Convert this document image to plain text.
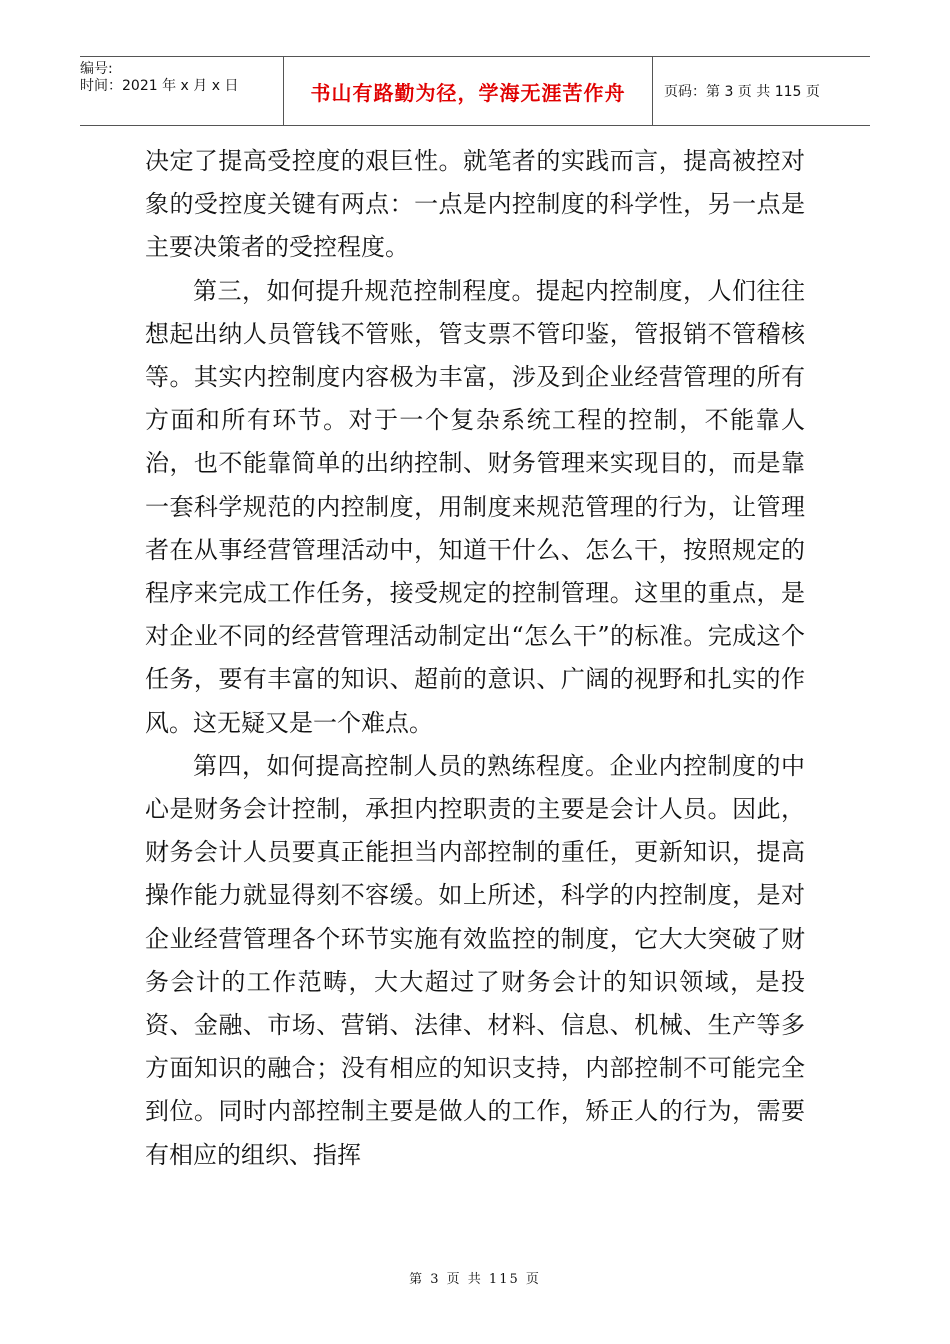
编号:
时间：2021 年 x 月 x 日	书山有路勤为径，学海无涯苦作舟	页码：第 3 页 共 115 页

决定了提高受控度的艰巨性。就笔者的实践而言，提高被控对象的受控度关键有两点：一点是内控制度的科学性，另一点是主要决策者的受控程度。

第三，如何提升规范控制程度。提起内控制度，人们往往想起出纳人员管钱不管账，管支票不管印鉴，管报销不管稽核等。其实内控制度内容极为丰富，涉及到企业经营管理的所有方面和所有环节。对于一个复杂系统工程的控制，不能靠人治，也不能靠简单的出纳控制、财务管理来实现目的，而是靠一套科学规范的内控制度，用制度来规范管理的行为，让管理者在从事经营管理活动中，知道干什么、怎么干，按照规定的程序来完成工作任务，接受规定的控制管理。这里的重点，是对企业不同的经营管理活动制定出“怎么干”的标准。完成这个任务，要有丰富的知识、超前的意识、广阔的视野和扎实的作风。这无疑又是一个难点。

第四，如何提高控制人员的熟练程度。企业内控制度的中心是财务会计控制，承担内控职责的主要是会计人员。因此，财务会计人员要真正能担当内部控制的重任，更新知识，提高操作能力就显得刻不容缓。如上所述，科学的内控制度，是对企业经营管理各个环节实施有效监控的制度，它大大突破了财务会计的工作范畴，大大超过了财务会计的知识领域，是投资、金融、市场、营销、法律、材料、信息、机械、生产等多方面知识的融合；没有相应的知识支持，内部控制不可能完全到位。同时内部控制主要是做人的工作，矫正人的行为，需要有相应的组织、指挥

第 3 页 共 115 页
